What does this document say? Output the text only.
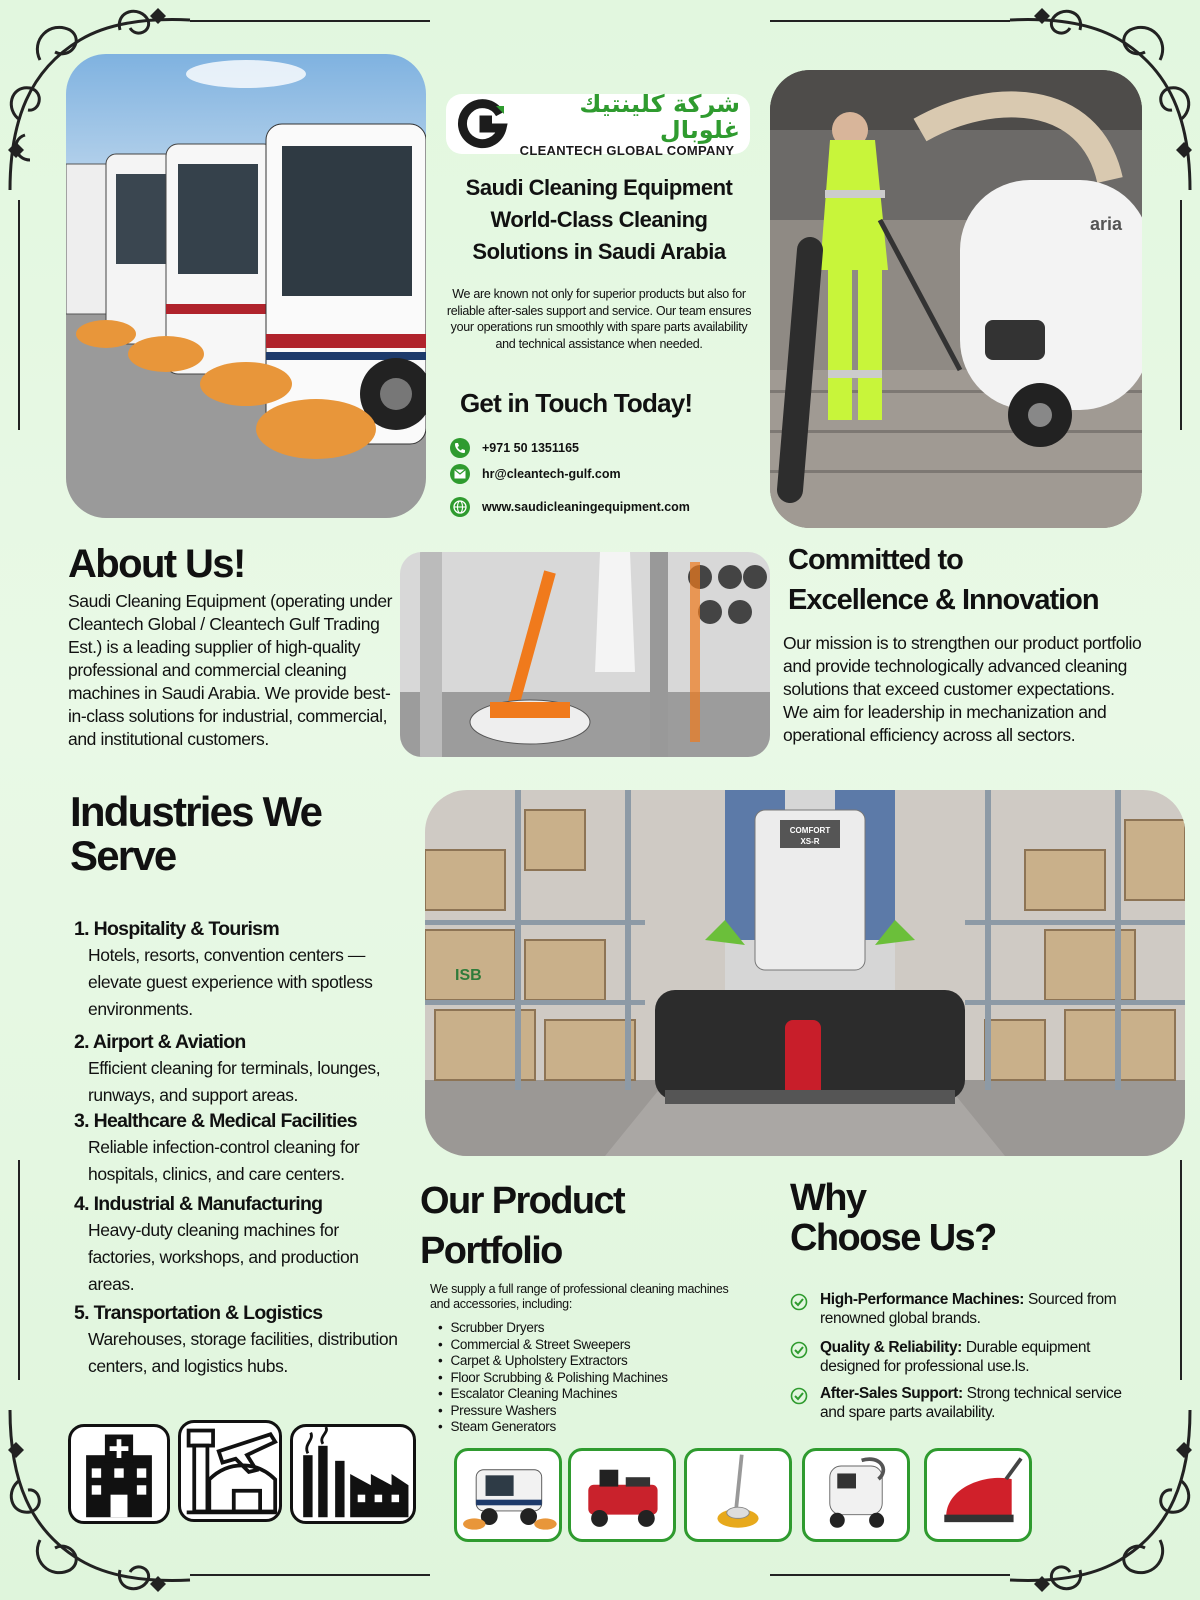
شركة كلينتيك غلوبال
CLEANTECH GLOBAL COMPANY
Saudi Cleaning Equipment
World-Class Cleaning
Solutions in Saudi Arabia

We are known not only for superior products but also for reliable after-sales support and service. Our team ensures your operations run smoothly with spare parts availability and technical assistance when needed.

Get in Touch Today!
+971 50 1351165
hr@cleantech-gulf.com
www.saudicleaningequipment.com
aria
About Us!

Saudi Cleaning Equipment (operating under Cleantech Global / Cleantech Gulf Trading Est.) is a leading supplier of high-quality professional and commercial cleaning machines in Saudi Arabia. We provide best-in-class solutions for industrial, commercial, and institutional customers.

Committed to
Excellence & Innovation

Our mission is to strengthen our product portfolio and provide technologically advanced cleaning solutions that exceed customer expectations. We aim for leadership in mechanization and operational efficiency across all sectors.

Industries We
Serve
1. Hospitality & Tourism
Hotels, resorts, convention centers — elevate guest experience with spotless environments.
2. Airport & Aviation
Efficient cleaning for terminals, lounges, runways, and support areas.
3. Healthcare & Medical Facilities
Reliable infection-control cleaning for hospitals, clinics, and care centers.
4. Industrial & Manufacturing
Heavy-duty cleaning machines for factories, workshops, and production areas.
5. Transportation & Logistics
Warehouses, storage facilities, distribution centers, and logistics hubs.
ISB
COMFORT
XS-R
Our Product
Portfolio

We supply a full range of professional cleaning machines and accessories, including:

• Scrubber Dryers
• Commercial & Street Sweepers
• Carpet & Upholstery Extractors
• Floor Scrubbing & Polishing Machines
• Escalator Cleaning Machines
• Pressure Washers
• Steam Generators
Why
Choose Us?
High-Performance Machines: Sourced from renowned global brands.
Quality & Reliability: Durable equipment designed for professional use.ls.
After-Sales Support: Strong technical service and spare parts availability.
